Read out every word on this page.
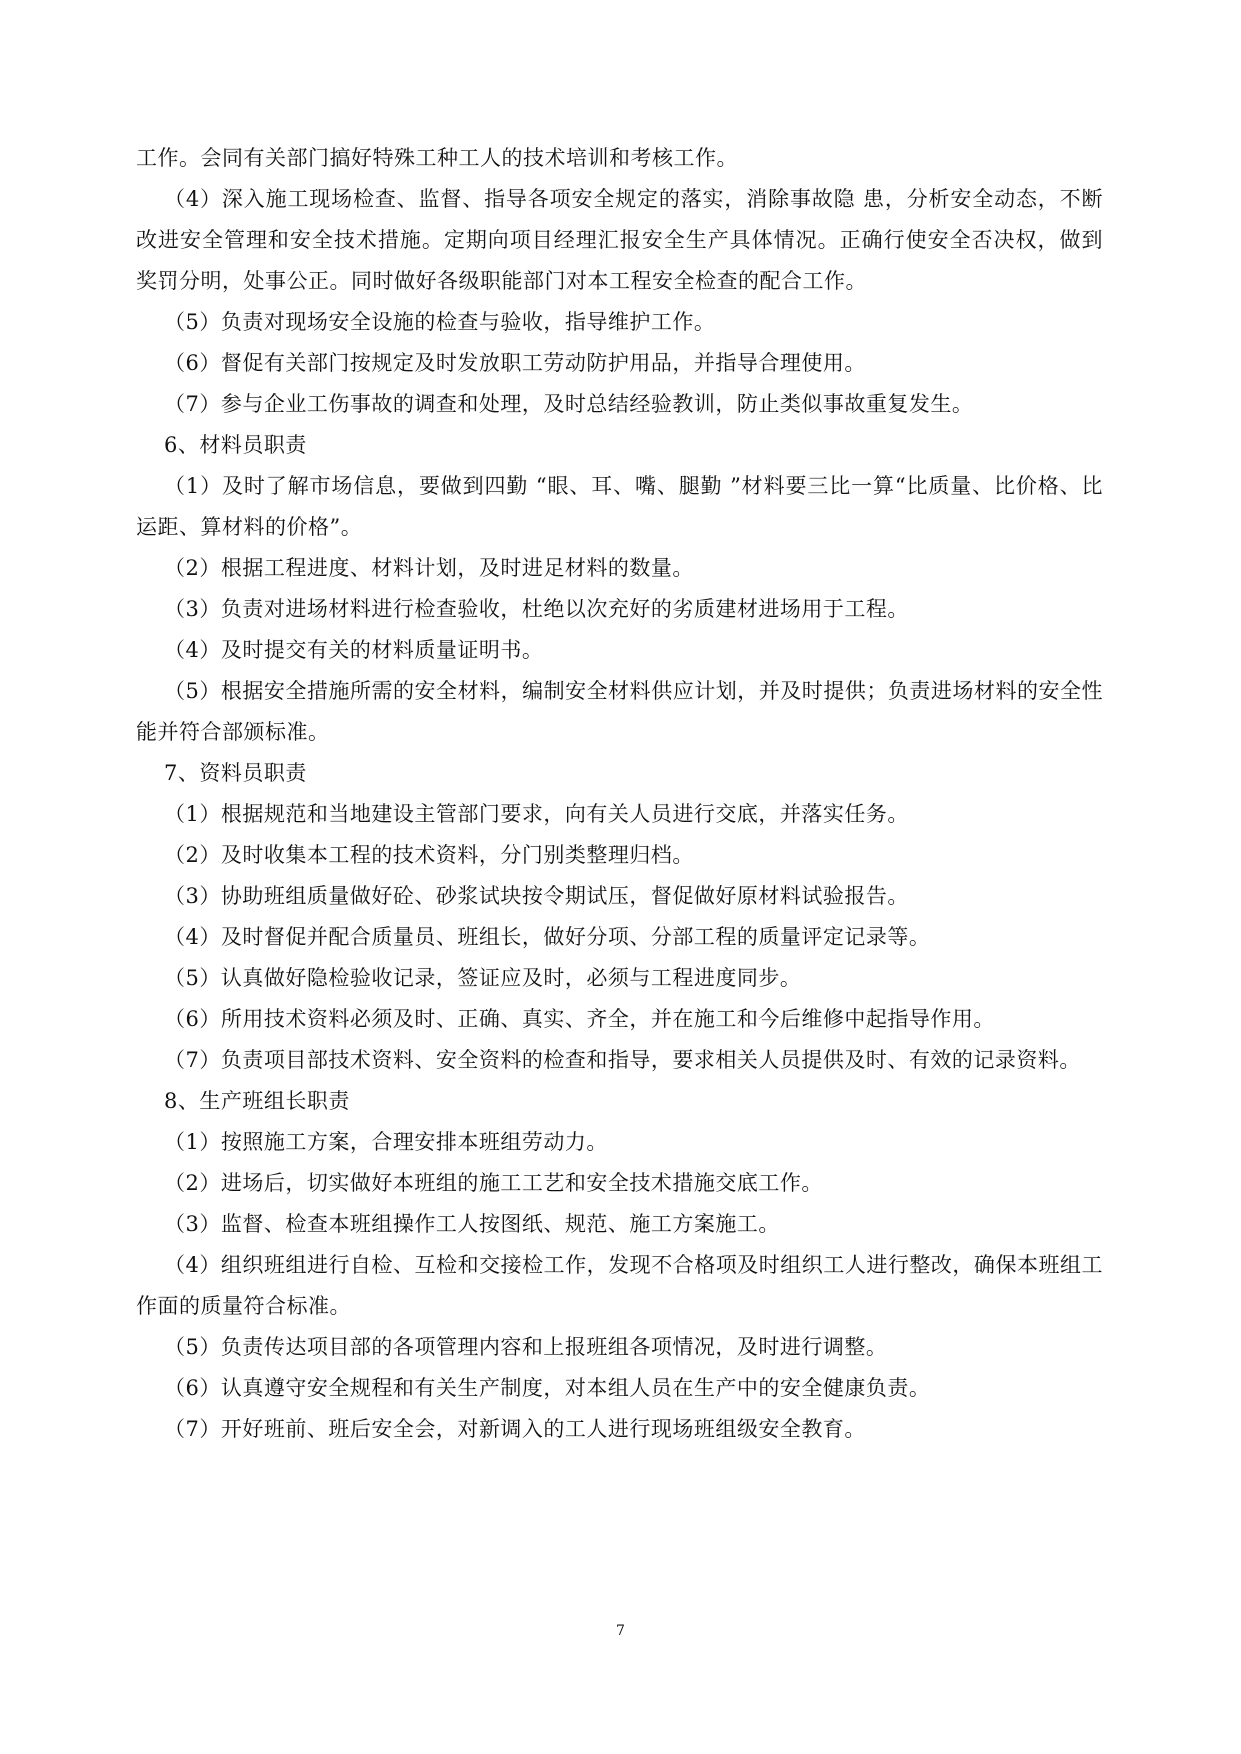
工作。会同有关部门搞好特殊工种工人的技术培训和考核工作。

（4）深入施工现场检查、监督、指导各项安全规定的落实，消除事故隐 患，分析安全动态，不断改进安全管理和安全技术措施。定期向项目经理汇报安全生产具体情况。正确行使安全否决权，做到奖罚分明，处事公正。同时做好各级职能部门对本工程安全检查的配合工作。

（5）负责对现场安全设施的检查与验收，指导维护工作。

（6）督促有关部门按规定及时发放职工劳动防护用品，并指导合理使用。

（7）参与企业工伤事故的调查和处理，及时总结经验教训，防止类似事故重复发生。

6、材料员职责

（1）及时了解市场信息，要做到四勤 “眼、耳、嘴、腿勤 ”材料要三比一算“比质量、比价格、比运距、算材料的价格”。

（2）根据工程进度、材料计划，及时进足材料的数量。

（3）负责对进场材料进行检查验收，杜绝以次充好的劣质建材进场用于工程。

（4）及时提交有关的材料质量证明书。

（5）根据安全措施所需的安全材料，编制安全材料供应计划，并及时提供；负责进场材料的安全性能并符合部颁标准。

7、资料员职责

（1）根据规范和当地建设主管部门要求，向有关人员进行交底，并落实任务。

（2）及时收集本工程的技术资料，分门别类整理归档。

（3）协助班组质量做好砼、砂浆试块按令期试压，督促做好原材料试验报告。

（4）及时督促并配合质量员、班组长，做好分项、分部工程的质量评定记录等。

（5）认真做好隐检验收记录，签证应及时，必须与工程进度同步。

（6）所用技术资料必须及时、正确、真实、齐全，并在施工和今后维修中起指导作用。

（7）负责项目部技术资料、安全资料的检查和指导，要求相关人员提供及时、有效的记录资料。

8、生产班组长职责

（1）按照施工方案，合理安排本班组劳动力。

（2）进场后，切实做好本班组的施工工艺和安全技术措施交底工作。

（3）监督、检查本班组操作工人按图纸、规范、施工方案施工。

（4）组织班组进行自检、互检和交接检工作，发现不合格项及时组织工人进行整改，确保本班组工作面的质量符合标准。

（5）负责传达项目部的各项管理内容和上报班组各项情况，及时进行调整。

（6）认真遵守安全规程和有关生产制度，对本组人员在生产中的安全健康负责。

（7）开好班前、班后安全会，对新调入的工人进行现场班组级安全教育。

7
